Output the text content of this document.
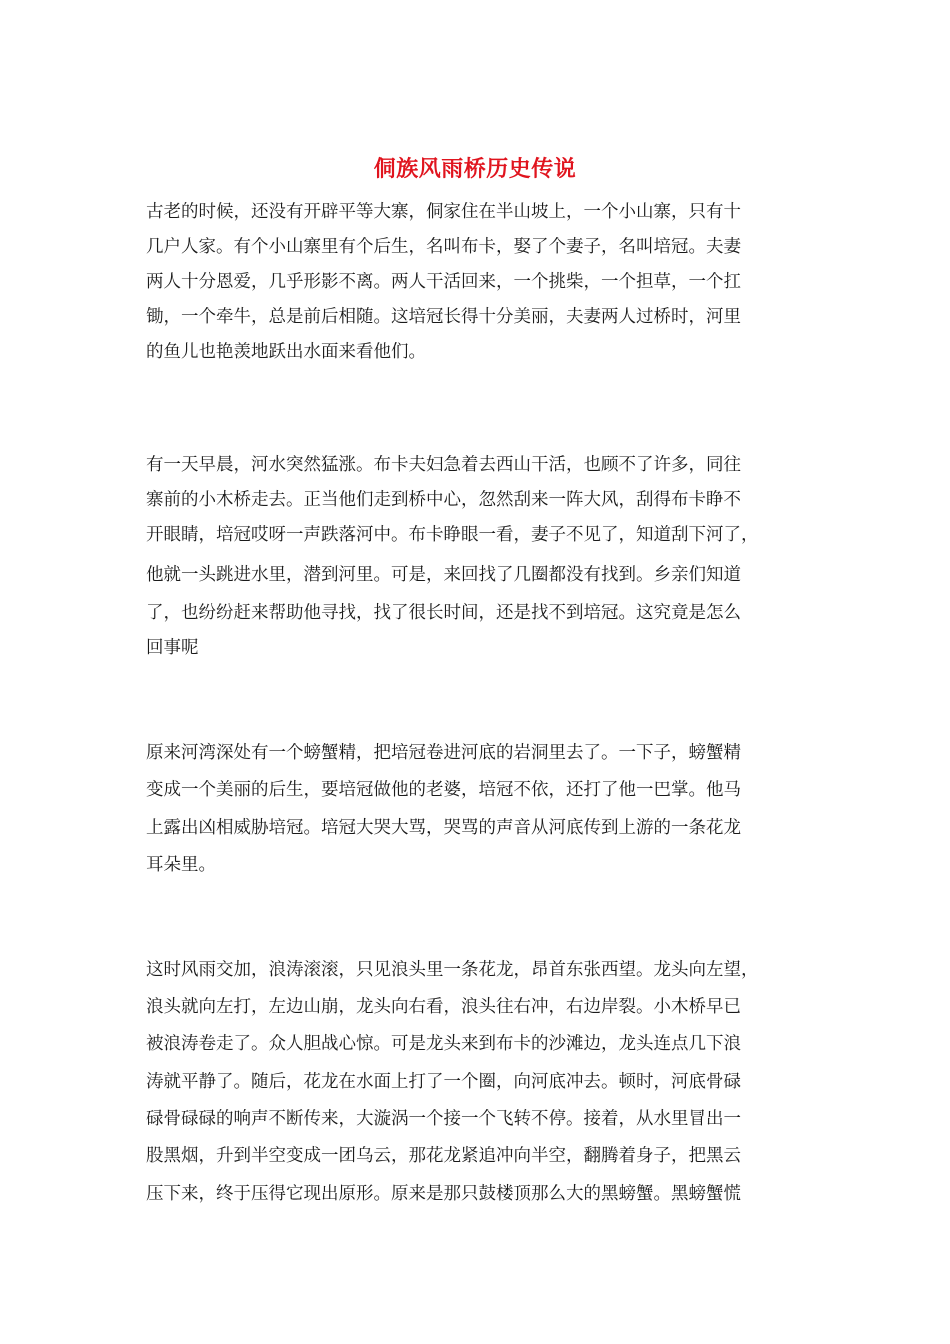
侗族风雨桥历史传说
古老的时候，还没有开辟平等大寨，侗家住在半山坡上，一个小山寨，只有十
几户人家。有个小山寨里有个后生，名叫布卡，娶了个妻子，名叫培冠。夫妻
两人十分恩爱，几乎形影不离。两人干活回来，一个挑柴，一个担草，一个扛
锄，一个牵牛，总是前后相随。这培冠长得十分美丽，夫妻两人过桥时，河里
的鱼儿也艳羡地跃出水面来看他们。
有一天早晨，河水突然猛涨。布卡夫妇急着去西山干活，也顾不了许多，同往
寨前的小木桥走去。正当他们走到桥中心，忽然刮来一阵大风，刮得布卡睁不
开眼睛，培冠哎呀一声跌落河中。布卡睁眼一看，妻子不见了，知道刮下河了，
他就一头跳进水里，潜到河里。可是，来回找了几圈都没有找到。乡亲们知道
了，也纷纷赶来帮助他寻找，找了很长时间，还是找不到培冠。这究竟是怎么
回事呢
原来河湾深处有一个螃蟹精，把培冠卷进河底的岩洞里去了。一下子，螃蟹精
变成一个美丽的后生，要培冠做他的老婆，培冠不依，还打了他一巴掌。他马
上露出凶相威胁培冠。培冠大哭大骂，哭骂的声音从河底传到上游的一条花龙
耳朵里。
这时风雨交加，浪涛滚滚，只见浪头里一条花龙，昂首东张西望。龙头向左望，
浪头就向左打，左边山崩，龙头向右看，浪头往右冲，右边岸裂。小木桥早已
被浪涛卷走了。众人胆战心惊。可是龙头来到布卡的沙滩边，龙头连点几下浪
涛就平静了。随后，花龙在水面上打了一个圈，向河底冲去。顿时，河底骨碌
碌骨碌碌的响声不断传来，大漩涡一个接一个飞转不停。接着，从水里冒出一
股黑烟，升到半空变成一团乌云，那花龙紧追冲向半空，翻腾着身子，把黑云
压下来，终于压得它现出原形。原来是那只鼓楼顶那么大的黑螃蟹。黑螃蟹慌
